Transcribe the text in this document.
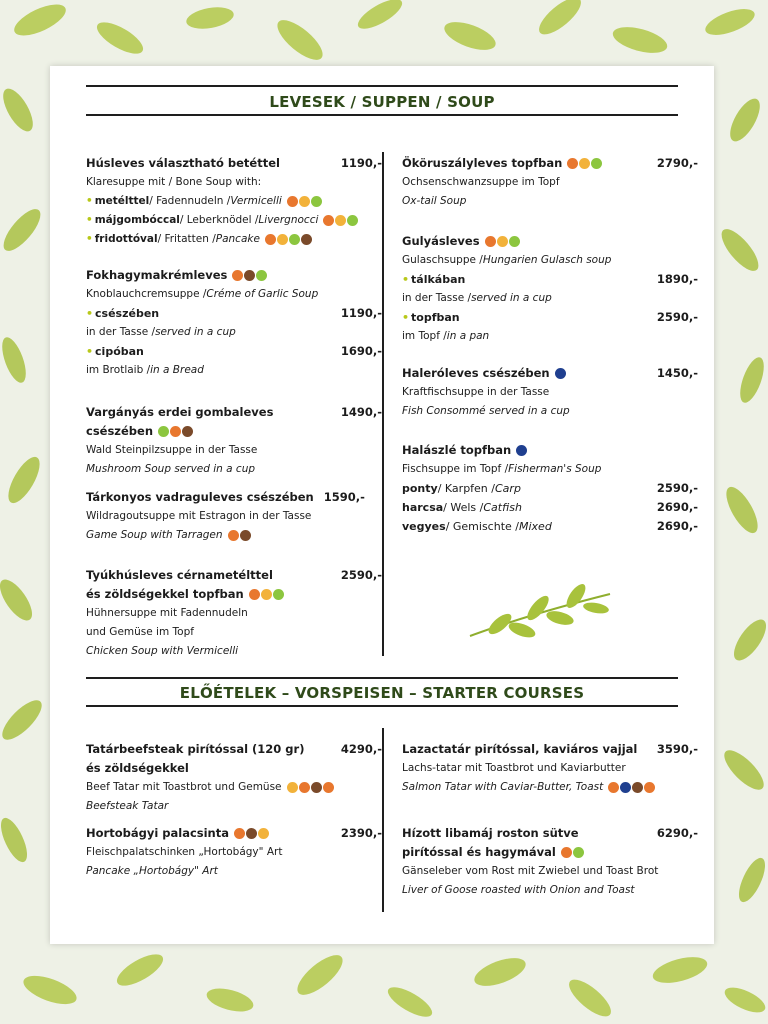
LEVESEK / SUPPEN / SOUP
Húsleves választható betéttel	1190,-
Klaresuppe mit / Bone Soup with:
• metélttel / Fadennudeln / Vermicelli
• májgombóccal / Leberknödel / Livergnocci
• fridottóval / Fritatten / Pancake
Fokhagymakrémleves
Knoblauchcremsuppe / Créme of Garlic Soup
• csészében	1190,-
in der Tasse / served in a cup
• cipóban	1690,-
im Brotlaib / in a Bread
Vargányás erdei gombaleves	1490,-
csészében
Wald Steinpilzsuppe in der Tasse
Mushroom Soup served in a cup
Tárkonyos vadraguleves csészében 1590,-
Wildragoutsuppe mit Estragon in der Tasse
Game Soup with Tarragen
Tyúkhúsleves cérnametélttel	2590,-
és zöldségekkel topfban
Hühnersuppe mit Fadennudeln
und Gemüse im Topf
Chicken Soup with Vermicelli
Ököruszályleves topfban	2790,-
Ochsenschwanzsuppe im Topf
Ox-tail Soup
Gulyásleves
Gulaschsuppe / Hungarien Gulasch soup
• tálkában	1890,-
in der Tasse / served in a cup
• topfban	2590,-
im Topf / in a pan
Haleróleves csészében	1450,-
Kraftfischsuppe in der Tasse
Fish Consommé served in a cup
Halászlé topfban
Fischsuppe im Topf / Fisherman's Soup
ponty / Karpfen / Carp	2590,-
harcsa / Wels / Catfish	2690,-
vegyes / Gemischte / Mixed	2690,-
ELŐÉTELEK – VORSPEISEN – STARTER COURSES
Tatárbeefsteak pirítóssal (120 gr)	4290,-
és zöldségekkel
Beef Tatar mit Toastbrot und Gemüse
Beefsteak Tatar
Hortobágyi palacsinta	2390,-
Fleischpalatschinken „Hortobágy" Art
Pancake „Hortobágy" Art
Lazactatár pirítóssal, kaviáros vajjal 3590,-
Lachs-tatar mit Toastbrot und Kaviarbutter
Salmon Tatar with Caviar-Butter, Toast
Hízott libamáj roston sütve	6290,-
pirítóssal és hagymával
Gänseleber vom Rost mit Zwiebel und Toast Brot
Liver of Goose roasted with Onion and Toast
